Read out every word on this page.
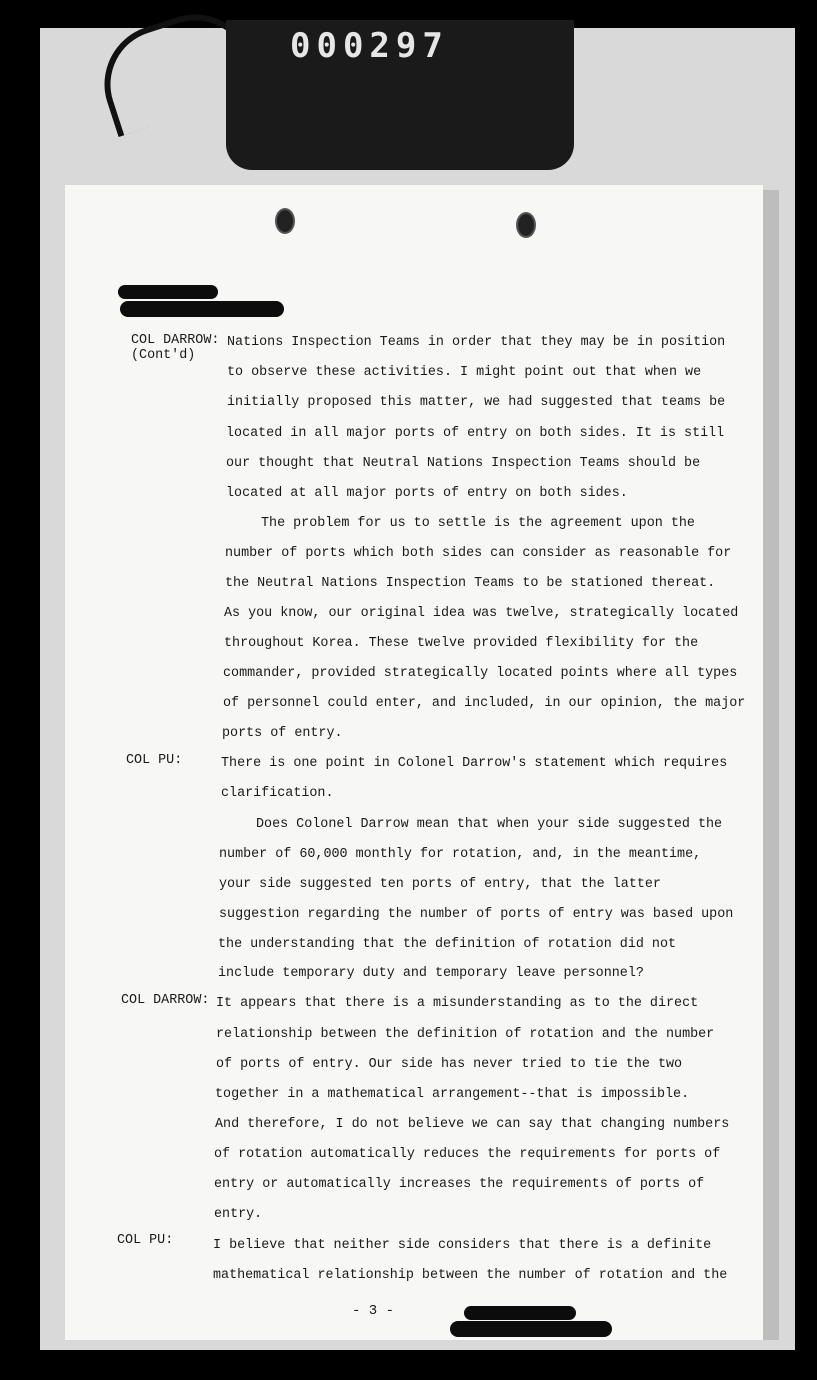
000297
COL DARROW:
(Cont'd)
COL PU:
COL DARROW:
COL PU:
Nations Inspection Teams in order that they may be in position
to observe these activities. I might point out that when we
initially proposed this matter, we had suggested that teams be
located in all major ports of entry on both sides. It is still
our thought that Neutral Nations Inspection Teams should be
located at all major ports of entry on both sides.
The problem for us to settle is the agreement upon the
number of ports which both sides can consider as reasonable for
the Neutral Nations Inspection Teams to be stationed thereat.
As you know, our original idea was twelve, strategically located
throughout Korea. These twelve provided flexibility for the
commander, provided strategically located points where all types
of personnel could enter, and included, in our opinion, the major
ports of entry.
There is one point in Colonel Darrow's statement which requires
clarification.
Does Colonel Darrow mean that when your side suggested the
number of 60,000 monthly for rotation, and, in the meantime,
your side suggested ten ports of entry, that the latter
suggestion regarding the number of ports of entry was based upon
the understanding that the definition of rotation did not
include temporary duty and temporary leave personnel?
It appears that there is a misunderstanding as to the direct
relationship between the definition of rotation and the number
of ports of entry. Our side has never tried to tie the two
together in a mathematical arrangement--that is impossible.
And therefore, I do not believe we can say that changing numbers
of rotation automatically reduces the requirements for ports of
entry or automatically increases the requirements of ports of
entry.
I believe that neither side considers that there is a definite
mathematical relationship between the number of rotation and the
- 3 -
